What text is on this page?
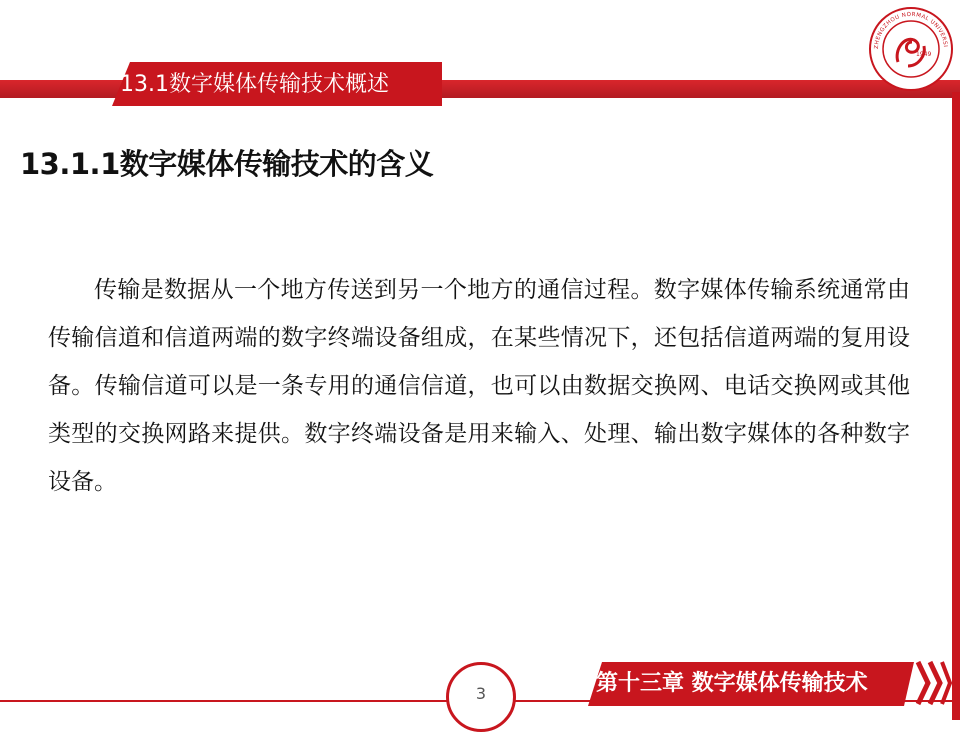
13.1数字媒体传输技术概述
1949
ZHENGZHOU NORMAL UNIVERSI
13.1.1数字媒体传输技术的含义
传输是数据从一个地方传送到另一个地方的通信过程。数字媒体传输系统通常由传输信道和信道两端的数字终端设备组成，在某些情况下，还包括信道两端的复用设备。传输信道可以是一条专用的通信信道，也可以由数据交换网、电话交换网或其他类型的交换网路来提供。数字终端设备是用来输入、处理、输出数字媒体的各种数字设备。
3	第十三章 数字媒体传输技术
